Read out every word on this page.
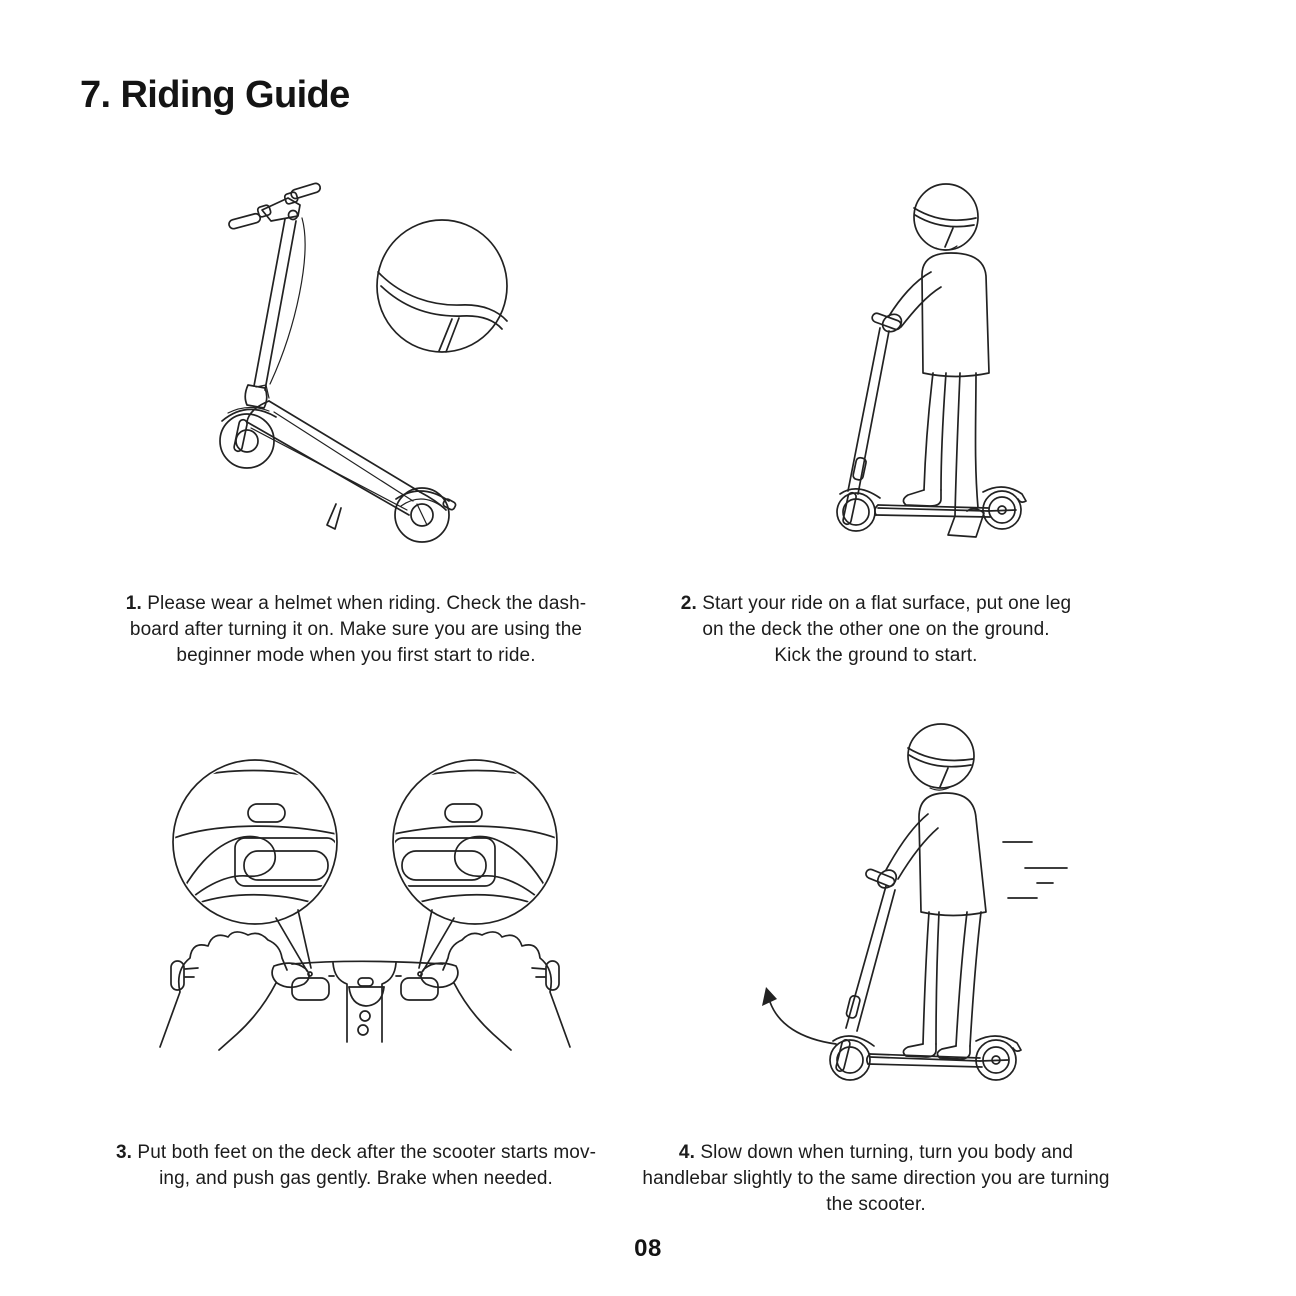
7. Riding Guide
1. Please wear a helmet when riding. Check the dash-
board after turning it on. Make sure you are using the
beginner mode when you first start to ride.
2. Start your ride on a flat surface, put one leg
on the deck the other one on the ground.
Kick the ground to start.
3. Put both feet on the deck after the scooter starts mov-
ing, and push gas gently. Brake when needed.
4. Slow down when turning, turn you body and
handlebar slightly to the same direction you are turning
the scooter.
08
